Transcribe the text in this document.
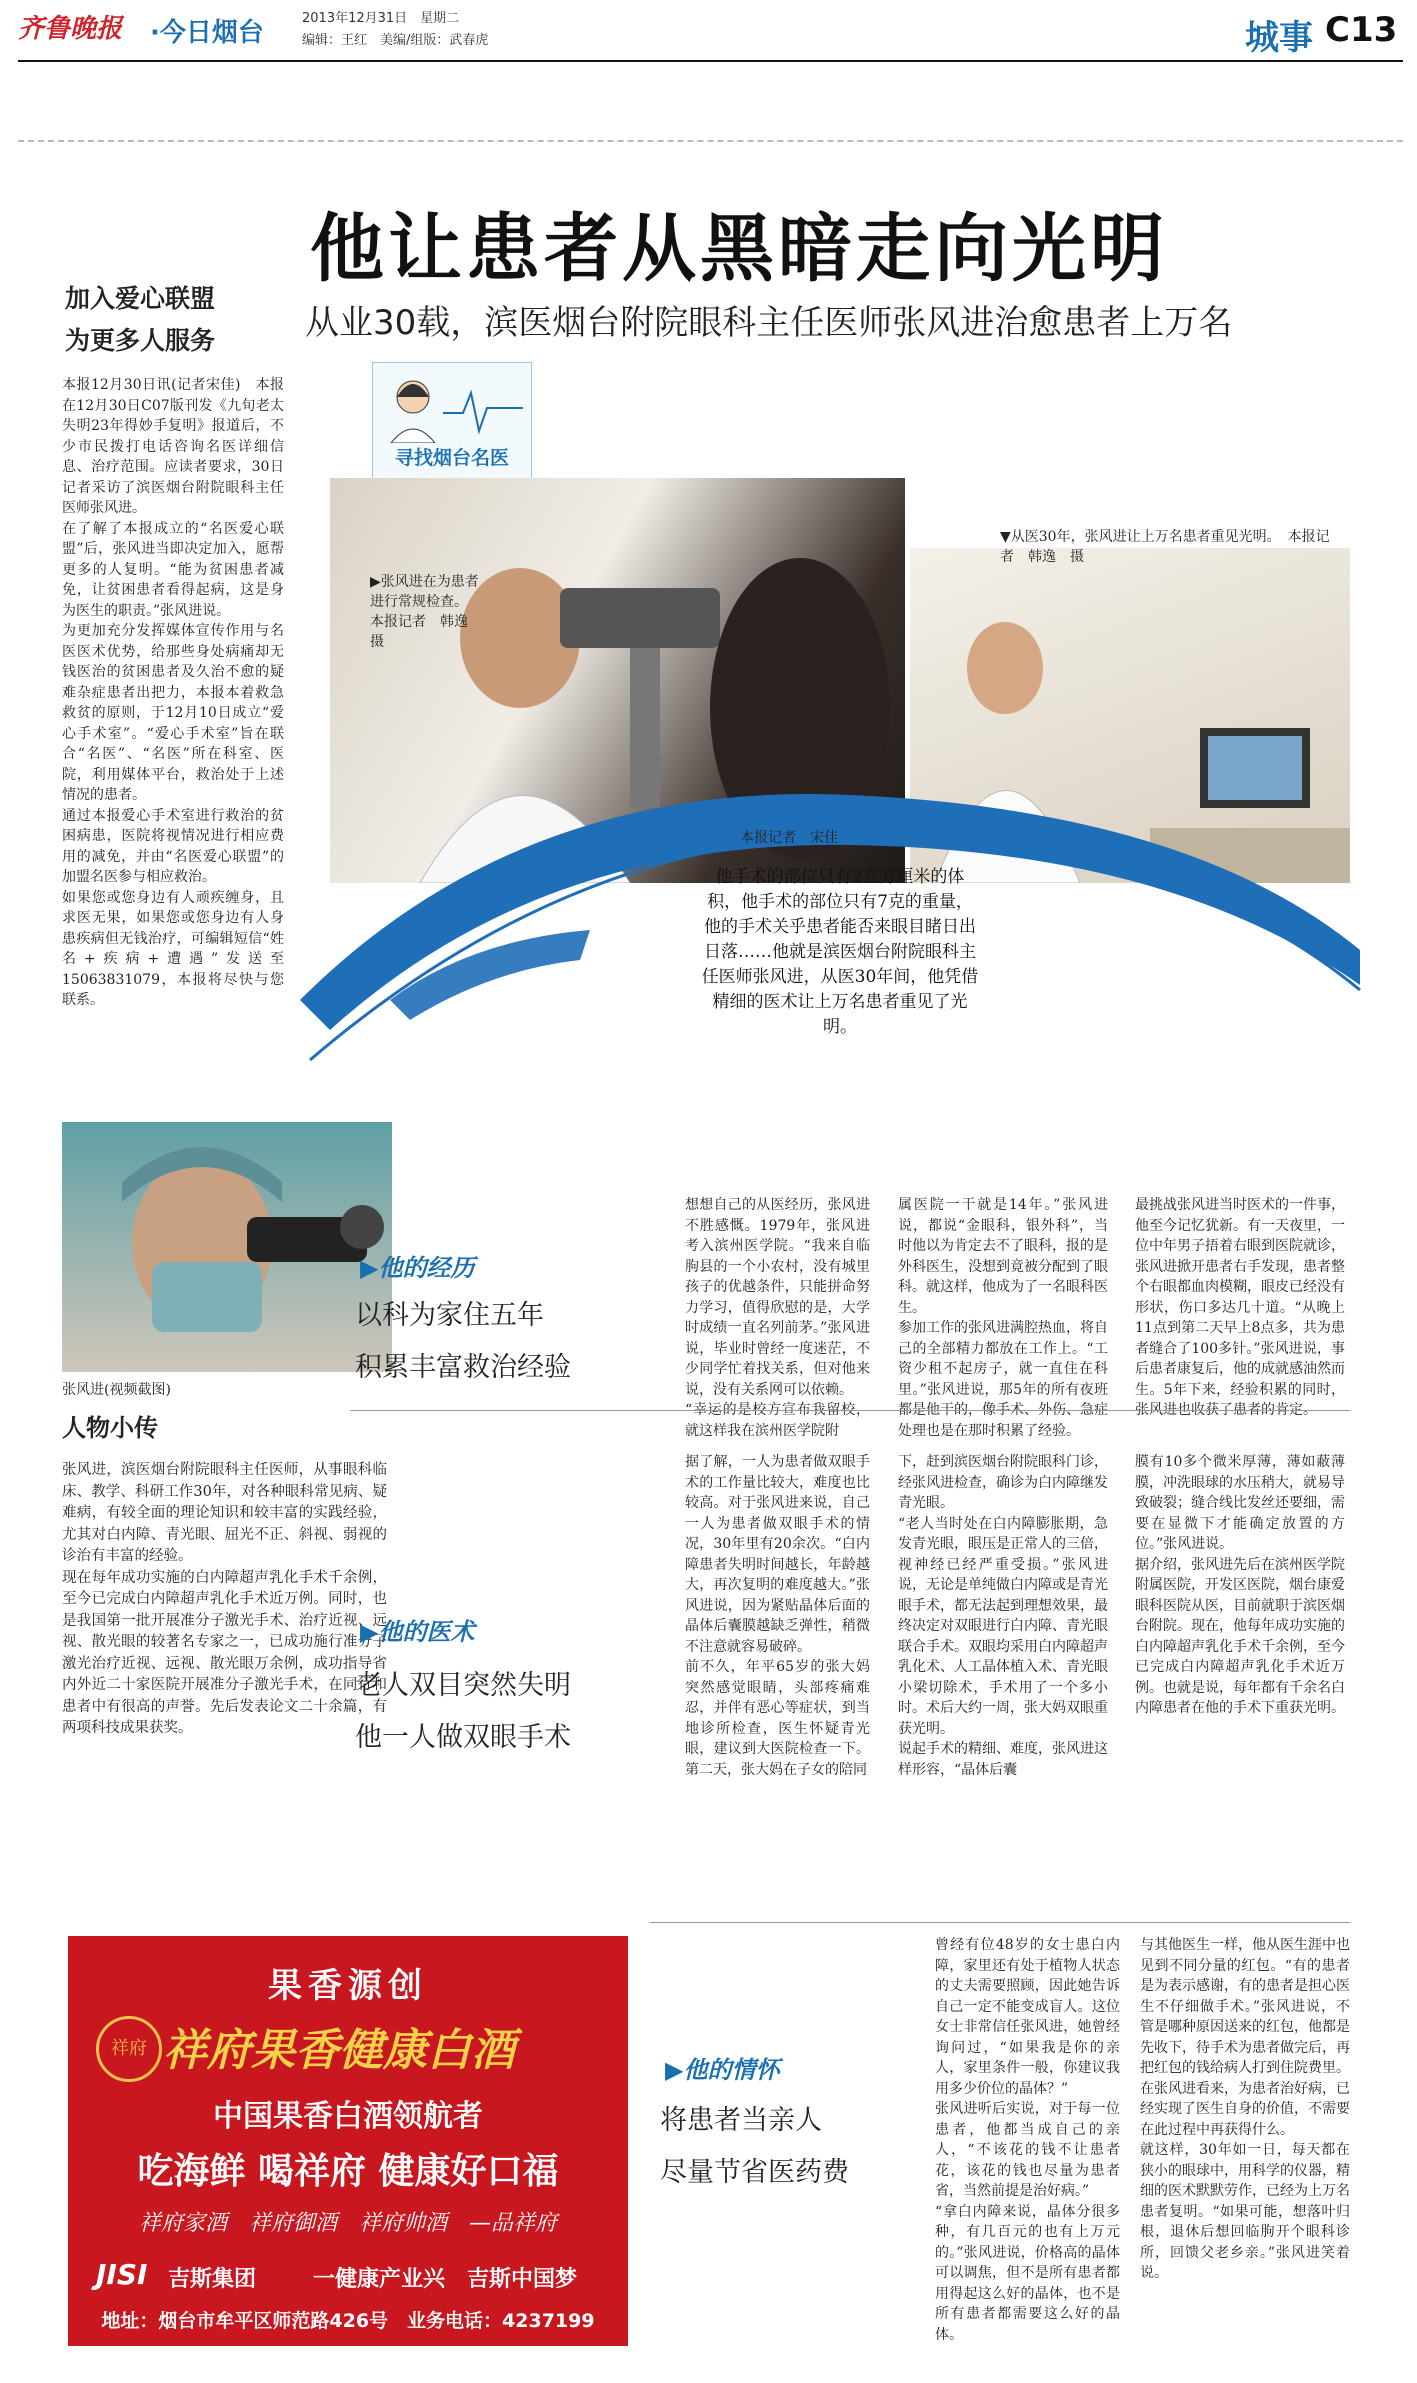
齐鲁晚报 ·今日烟台	2013年12月31日　星期二
编辑：王红　美编/组版：武春虎	城事 C13
他让患者从黑暗走向光明
从业30载，滨医烟台附院眼科主任医师张风进治愈患者上万名
加入爱心联盟
为更多人服务
本报12月30日讯(记者宋佳)　本报在12月30日C07版刊发《九旬老太失明23年得妙手复明》报道后，不少市民拨打电话咨询名医详细信息、治疗范围。应读者要求，30日记者采访了滨医烟台附院眼科主任医师张风进。
在了解了本报成立的“名医爱心联盟”后，张风进当即决定加入，愿帮更多的人复明。“能为贫困患者减免，让贫困患者看得起病，这是身为医生的职责。”张风进说。
为更加充分发挥媒体宣传作用与名医医术优势，给那些身处病痛却无钱医治的贫困患者及久治不愈的疑难杂症患者出把力，本报本着救急救贫的原则，于12月10日成立“爱心手术室”。“爱心手术室”旨在联合“名医”、“名医”所在科室、医院，利用媒体平台，救治处于上述情况的患者。
通过本报爱心手术室进行救治的贫困病患，医院将视情况进行相应费用的减免，并由“名医爱心联盟”的加盟名医参与相应救治。
如果您或您身边有人顽疾缠身，且求医无果，如果您或您身边有人身患疾病但无钱治疗，可编辑短信“姓名+疾病+遭遇”发送至15063831079，本报将尽快与您联系。
寻找烟台名医
▶张风进在为患者进行常规检查。　本报记者　韩逸　摄
▼从医30年，张风进让上万名患者重见光明。　本报记者　韩逸　摄
本报记者　宋佳
他手术的部位只有2立方厘米的体积，他手术的部位只有7克的重量，他的手术关乎患者能否来眼目睹日出日落……他就是滨医烟台附院眼科主任医师张风进，从医30年间，他凭借精细的医术让上万名患者重见了光明。
张风进(视频截图)
人物小传
张风进，滨医烟台附院眼科主任医师，从事眼科临床、教学、科研工作30年，对各种眼科常见病、疑难病，有较全面的理论知识和较丰富的实践经验，尤其对白内障、青光眼、屈光不正、斜视、弱视的诊治有丰富的经验。
现在每年成功实施的白内障超声乳化手术千余例，至今已完成白内障超声乳化手术近万例。同时，也是我国第一批开展准分子激光手术、治疗近视、远视、散光眼的较著名专家之一，已成功施行准分子激光治疗近视、远视、散光眼万余例，成功指导省内外近二十家医院开展准分子激光手术，在同行和患者中有很高的声誉。先后发表论文二十余篇，有两项科技成果获奖。
▶他的经历
以科为家住五年
积累丰富救治经验
想想自己的从医经历，张风进不胜感慨。1979年，张风进考入滨州医学院。“我来自临朐县的一个小农村，没有城里孩子的优越条件，只能拼命努力学习，值得欣慰的是，大学时成绩一直名列前茅。”张风进说，毕业时曾经一度迷茫，不少同学忙着找关系，但对他来说，没有关系网可以依赖。
“幸运的是校方宣布我留校，就这样我在滨州医学院附
属医院一干就是14年。”张风进说，都说“金眼科，银外科”，当时他以为肯定去不了眼科，报的是外科医生，没想到竟被分配到了眼科。就这样，他成为了一名眼科医生。
参加工作的张风进满腔热血，将自己的全部精力都放在工作上。“工资少租不起房子，就一直住在科里。”张风进说，那5年的所有夜班都是他干的，像手术、外伤、急症处理也是在那时积累了经验。
最挑战张风进当时医术的一件事，他至今记忆犹新。有一天夜里，一位中年男子捂着右眼到医院就诊，张风进掀开患者右手发现，患者整个右眼都血肉模糊，眼皮已经没有形状，伤口多达几十道。“从晚上11点到第二天早上8点多，共为患者缝合了100多针。”张风进说，事后患者康复后，他的成就感油然而生。5年下来，经验积累的同时，张风进也收获了患者的肯定。
▶他的医术
老人双目突然失明
他一人做双眼手术
据了解，一人为患者做双眼手术的工作量比较大，难度也比较高。对于张风进来说，自己一人为患者做双眼手术的情况，30年里有20余次。“白内障患者失明时间越长，年龄越大，再次复明的难度越大。”张风进说，因为紧贴晶体后面的晶体后囊膜越缺乏弹性，稍微不注意就容易破碎。
前不久，年平65岁的张大妈突然感觉眼睛，头部疼痛难忍，并伴有恶心等症状，到当地诊所检查，医生怀疑青光眼，建议到大医院检查一下。第二天，张大妈在子女的陪同
下，赶到滨医烟台附院眼科门诊，经张风进检查，确诊为白内障继发青光眼。
“老人当时处在白内障膨胀期，急发青光眼，眼压是正常人的三倍，视神经已经严重受损。”张风进说，无论是单纯做白内障或是青光眼手术，都无法起到理想效果，最终决定对双眼进行白内障、青光眼联合手术。双眼均采用白内障超声乳化术、人工晶体植入术、青光眼小梁切除术，手术用了一个多小时。术后大约一周，张大妈双眼重获光明。
说起手术的精细、难度，张风进这样形容，“晶体后囊
膜有10多个微米厚薄，薄如蔽薄膜，冲洗眼球的水压稍大，就易导致破裂；缝合线比发丝还要细，需要在显微下才能确定放置的方位。”张风进说。
据介绍，张风进先后在滨州医学院附属医院，开发区医院，烟台康爱眼科医院从医，目前就职于滨医烟台附院。现在，他每年成功实施的白内障超声乳化手术千余例，至今已完成白内障超声乳化手术近万例。也就是说，每年都有千余名白内障患者在他的手术下重获光明。
▶他的情怀
将患者当亲人
尽量节省医药费
曾经有位48岁的女士患白内障，家里还有处于植物人状态的丈夫需要照顾，因此她告诉自己一定不能变成盲人。这位女士非常信任张风进，她曾经询问过，“如果我是你的亲人，家里条件一般，你建议我用多少价位的晶体？”
张风进听后实说，对于每一位患者，他都当成自己的亲人，“不该花的钱不让患者花，该花的钱也尽量为患者省，当然前提是治好病。”
“拿白内障来说，晶体分很多种，有几百元的也有上万元的。”张风进说，价格高的晶体可以调焦，但不是所有患者都用得起这么好的晶体，也不是所有患者都需要这么好的晶体。
与其他医生一样，他从医生涯中也见到不同分量的红包。“有的患者是为表示感谢，有的患者是担心医生不仔细做手术。”张风进说，不管是哪种原因送来的红包，他都是先收下，待手术为患者做完后，再把红包的钱给病人打到住院费里。在张风进看来，为患者治好病，已经实现了医生自身的价值，不需要在此过程中再获得什么。
就这样，30年如一日，每天都在狭小的眼球中，用科学的仪器，精细的医术默默劳作，已经为上万名患者复明。“如果可能，想落叶归根，退休后想回临朐开个眼科诊所，回馈父老乡亲。”张风进笑着说。
果香源创
祥府 祥府果香健康白酒
中国果香白酒领航者
吃海鲜 喝祥府 健康好口福
祥府家酒　祥府御酒　祥府帅酒　—品祥府
JISI 吉斯集团	一健康产业兴　吉斯中国梦
地址：烟台市牟平区师范路426号　业务电话：4237199
